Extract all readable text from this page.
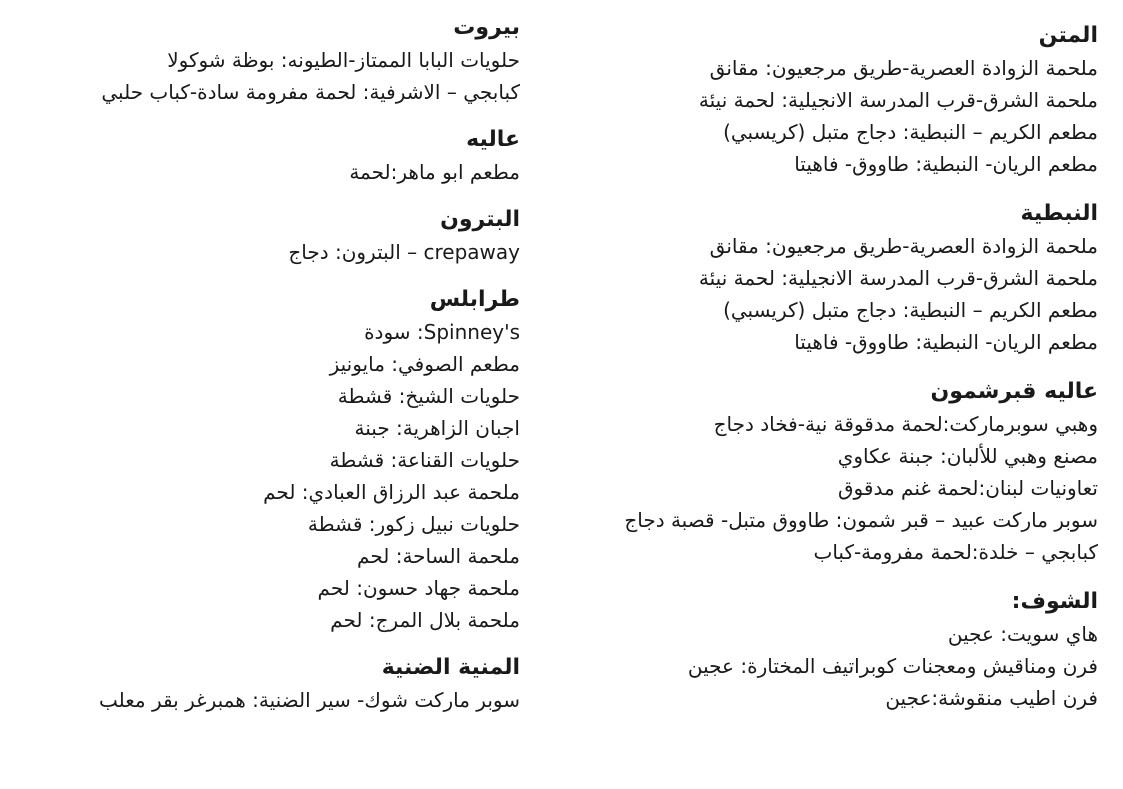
المتن
ملحمة الزوادة العصرية-طريق مرجعيون: مقانق
ملحمة الشرق-قرب المدرسة الانجيلية: لحمة نيئة
مطعم الكريم – النبطية: دجاج متبل (كريسبي)
مطعم الريان- النبطية: طاووق- فاهيتا
النبطية
ملحمة الزوادة العصرية-طريق مرجعيون: مقانق
ملحمة الشرق-قرب المدرسة الانجيلية: لحمة نيئة
مطعم الكريم – النبطية: دجاج متبل (كريسبي)
مطعم الريان- النبطية: طاووق- فاهيتا
عاليه قبرشمون
وهبي سوبرماركت:لحمة مدقوقة نية-فخاد دجاج
مصنع وهبي للألبان: جبنة عكاوي
تعاونيات لبنان:لحمة غنم مدقوق
سوبر ماركت عبيد – قبر شمون: طاووق متبل- قصبة دجاج
كبابجي – خلدة:لحمة مفرومة-كباب
الشوف:
هاي سويت: عجين
فرن ومناقيش ومعجنات كوبراتيف المختارة: عجين
فرن اطيب منقوشة:عجين
بيروت
حلويات البابا الممتاز-الطيونه: بوظة شوكولا
كبابجي – الاشرفية: لحمة مفرومة سادة-كباب حلبي
عاليه
مطعم ابو ماهر:لحمة
البترون
crepaway – البترون: دجاج
طرابلس
Spinney's: سودة
مطعم الصوفي: مايونيز
حلويات الشيخ: قشطة
اجبان الزاهرية: جبنة
حلويات القناعة: قشطة
ملحمة عبد الرزاق العبادي: لحم
حلويات نبيل زكور: قشطة
ملحمة الساحة: لحم
ملحمة جهاد حسون: لحم
ملحمة بلال المرج: لحم
المنية الضنية
سوبر ماركت شوك- سير الضنية: همبرغر بقر معلب
